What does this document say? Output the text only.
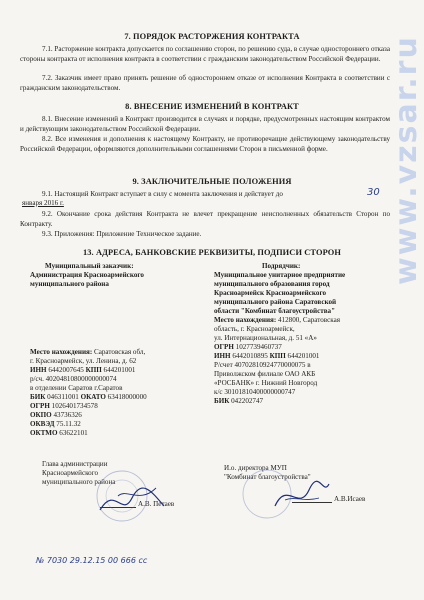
7. ПОРЯДОК РАСТОРЖЕНИЯ КОНТРАКТА
7.1. Расторжение контракта допускается по соглашению сторон, по решению суда, в случае одностороннего отказа стороны контракта от исполнения контракта в соответствии с гражданским законодательством Российской Федерации.
7.2. Заказчик имеет право принять решение об одностороннем отказе от исполнения Контракта в соответствии с гражданским законодательством.
8. ВНЕСЕНИЕ ИЗМЕНЕНИЙ В КОНТРАКТ
8.1. Внесение изменений в Контракт производится в случаях и порядке, предусмотренных настоящим контрактом и действующим законодательством Российской Федерации.
8.2. Все изменения и дополнения к настоящему Контракту, не противоречащие действующему законодательству Российской Федерации, оформляются дополнительными соглашениями Сторон в письменной форме.
9. ЗАКЛЮЧИТЕЛЬНЫЕ ПОЛОЖЕНИЯ
9.1. Настоящий Контракт вступает в силу с момента заключения и действует до	30
января 2016 г.
9.2. Окончание срока действия Контракта не влечет прекращение неисполненных обязательств Сторон по Контракту.
9.3. Приложения: Приложение Техническое задание.
13. АДРЕСА, БАНКОВСКИЕ РЕКВИЗИТЫ, ПОДПИСИ СТОРОН
Муниципальный заказчик:
Администрация Красноармейского
муниципального района
Место нахождения: Саратовская обл,
г. Красноармейск, ул. Ленина, д. 62
ИНН 6442007645 КПП 644201001
р/сч. 40204810800000000074
в отделении Саратов г.Саратов
БИК 046311001 ОКАТО 63418000000
ОГРН 1026401734578
ОКПО 43736326
ОКВЭД 75.11.32
ОКТМО 63622101
Глава администрации
Красноармейского
муниципального района
А.В. Петаев
Подрядчик:
Муниципальное унитарное предприятие
муниципального образования город
Красноармейск Красноармейского
муниципального района Саратовской
области "Комбинат благоустройства"
Место нахождения: 412800, Саратовская
область, г. Красноармейск,
ул. Интернациональная, д. 51 «А»
ОГРН 1027739460737
ИНН 6442010895 КПП 644201001
Р/счет 40702810924770000075 в
Приволжском филиале ОАО АКБ
«РОСБАНК» г. Нижний Новгород
к/с 30101810400000000747
БИК 042202747
И.о. директора МУП
"Комбинат благоустройства"
А.В.Исаев
№ 7030 29.12.15 00 666 сс
www.vzsar.ru
